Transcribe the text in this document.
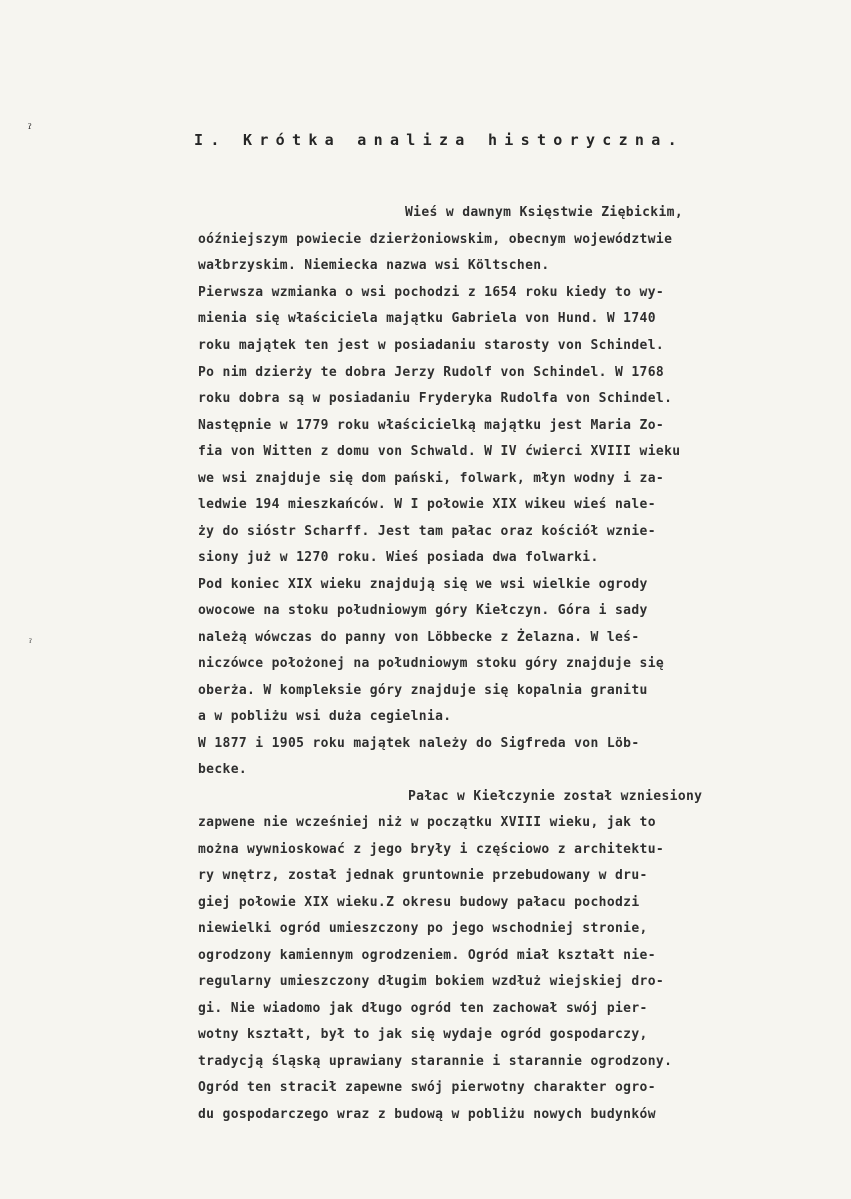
ˀ
ˀ
I. Krótka analiza historyczna.
Wieś w dawnym Księstwie Ziębickim,
oóźniejszym powiecie dzierżoniowskim, obecnym województwie
wałbrzyskim. Niemiecka nazwa wsi Költschen.
Pierwsza wzmianka o wsi pochodzi z 1654 roku kiedy to wy-
mienia się właściciela majątku Gabriela von Hund. W 1740
roku majątek ten jest w posiadaniu starosty von Schindel.
Po nim dzierży te dobra Jerzy Rudolf von Schindel. W 1768
roku dobra są w posiadaniu Fryderyka Rudolfa von Schindel.
Następnie w 1779 roku właścicielką majątku jest Maria Zo-
fia von Witten z domu von Schwald. W IV ćwierci XVIII wieku
we wsi znajduje się dom pański, folwark, młyn wodny i za-
ledwie 194 mieszkańców. W I połowie XIX wikeu wieś nale-
ży do sióstr Scharff. Jest tam pałac oraz kościół wznie-
siony już w 1270 roku. Wieś posiada dwa folwarki.
Pod koniec XIX wieku znajdują się we wsi wielkie ogrody
owocowe na stoku południowym góry Kiełczyn. Góra i sady
należą wówczas do panny von Löbbecke z Żelazna. W leś-
niczówce położonej na południowym stoku góry znajduje się
oberża. W kompleksie góry znajduje się kopalnia granitu
a w pobliżu wsi duża cegielnia.
W 1877 i 1905 roku majątek należy do Sigfreda von Löb-
becke.
Pałac w Kiełczynie został wzniesiony
zapwene nie wcześniej niż w początku XVIII wieku, jak to
można wywnioskować z jego bryły i częściowo z architektu-
ry wnętrz, został jednak gruntownie przebudowany w dru-
giej połowie XIX wieku.Z okresu budowy pałacu pochodzi
niewielki ogród umieszczony po jego wschodniej stronie,
ogrodzony kamiennym ogrodzeniem. Ogród miał kształt nie-
regularny umieszczony długim bokiem wzdłuż wiejskiej dro-
gi. Nie wiadomo jak długo ogród ten zachował swój pier-
wotny kształt, był to jak się wydaje ogród gospodarczy,
tradycją śląską uprawiany starannie i starannie ogrodzony.
Ogród ten stracił zapewne swój pierwotny charakter ogro-
du gospodarczego wraz z budową w pobliżu nowych budynków
